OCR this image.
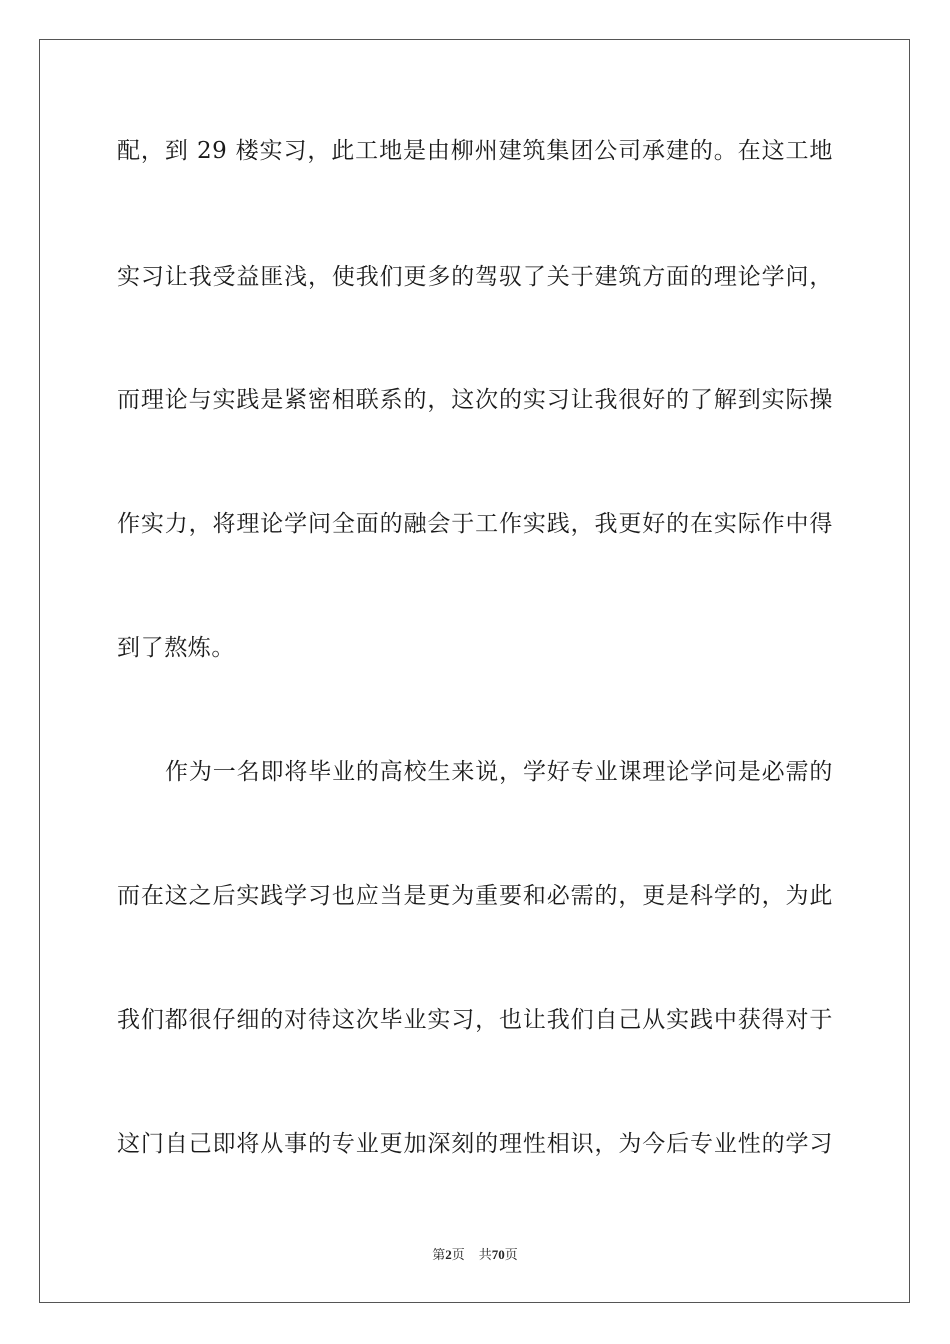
配，到 29 楼实习，此工地是由柳州建筑集团公司承建的。在这工地
实习让我受益匪浅，使我们更多的驾驭了关于建筑方面的理论学问，
而理论与实践是紧密相联系的，这次的实习让我很好的了解到实际操
作实力，将理论学问全面的融会于工作实践，我更好的在实际作中得
到了熬炼。
作为一名即将毕业的高校生来说，学好专业课理论学问是必需的
而在这之后实践学习也应当是更为重要和必需的，更是科学的，为此
我们都很仔细的对待这次毕业实习，也让我们自己从实践中获得对于
这门自己即将从事的专业更加深刻的理性相识，为今后专业性的学习
第2页 共70页
